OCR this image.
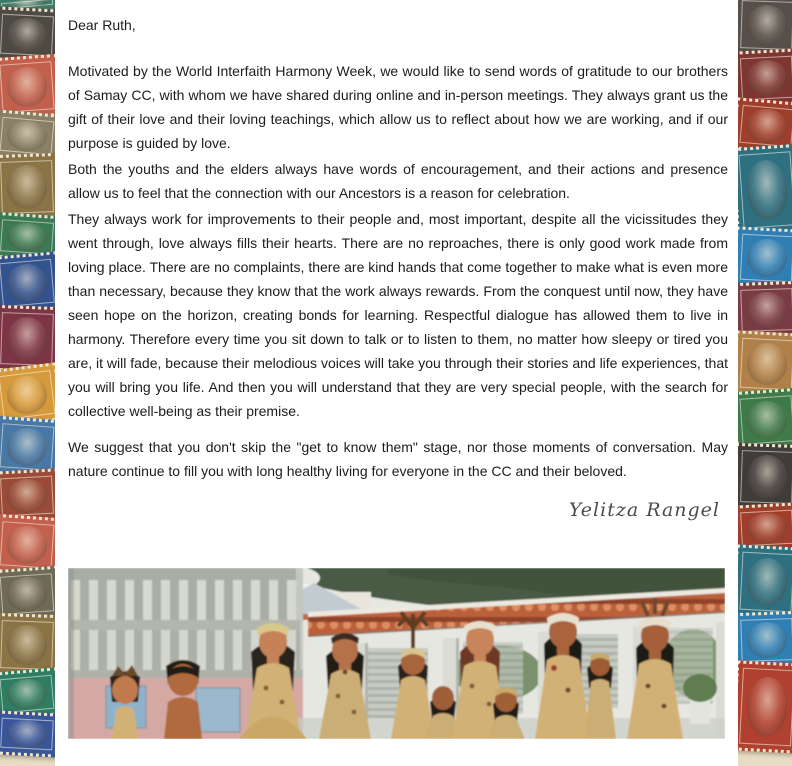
Dear Ruth,

Motivated by the World Interfaith Harmony Week, we would like to send words of gratitude to our brothers of Samay CC, with whom we have shared during online and in-person meetings. They always grant us the gift of their love and their loving teachings, which allow us to reflect about how we are working, and if our purpose is guided by love.

Both the youths and the elders always have words of encouragement, and their actions and presence allow us to feel that the connection with our Ancestors is a reason for celebration.

They always work for improvements to their people and, most important, despite all the vicissitudes they went through, love always fills their hearts. There are no reproaches, there is only good work made from loving place. There are no complaints, there are kind hands that come together to make what is even more than necessary, because they know that the work always rewards. From the conquest until now, they have seen hope on the horizon, creating bonds for learning. Respectful dialogue has allowed them to live in harmony. Therefore every time you sit down to talk or to listen to them, no matter how sleepy or tired you are, it will fade, because their melodious voices will take you through their stories and life experiences, that you will bring you life. And then you will understand that they are very special people, with the search for collective well-being as their premise.

We suggest that you don't skip the "get to know them" stage, nor those moments of conversation. May nature continue to fill you with long healthy living for everyone in the CC and their beloved.

Yelitza Rangel
